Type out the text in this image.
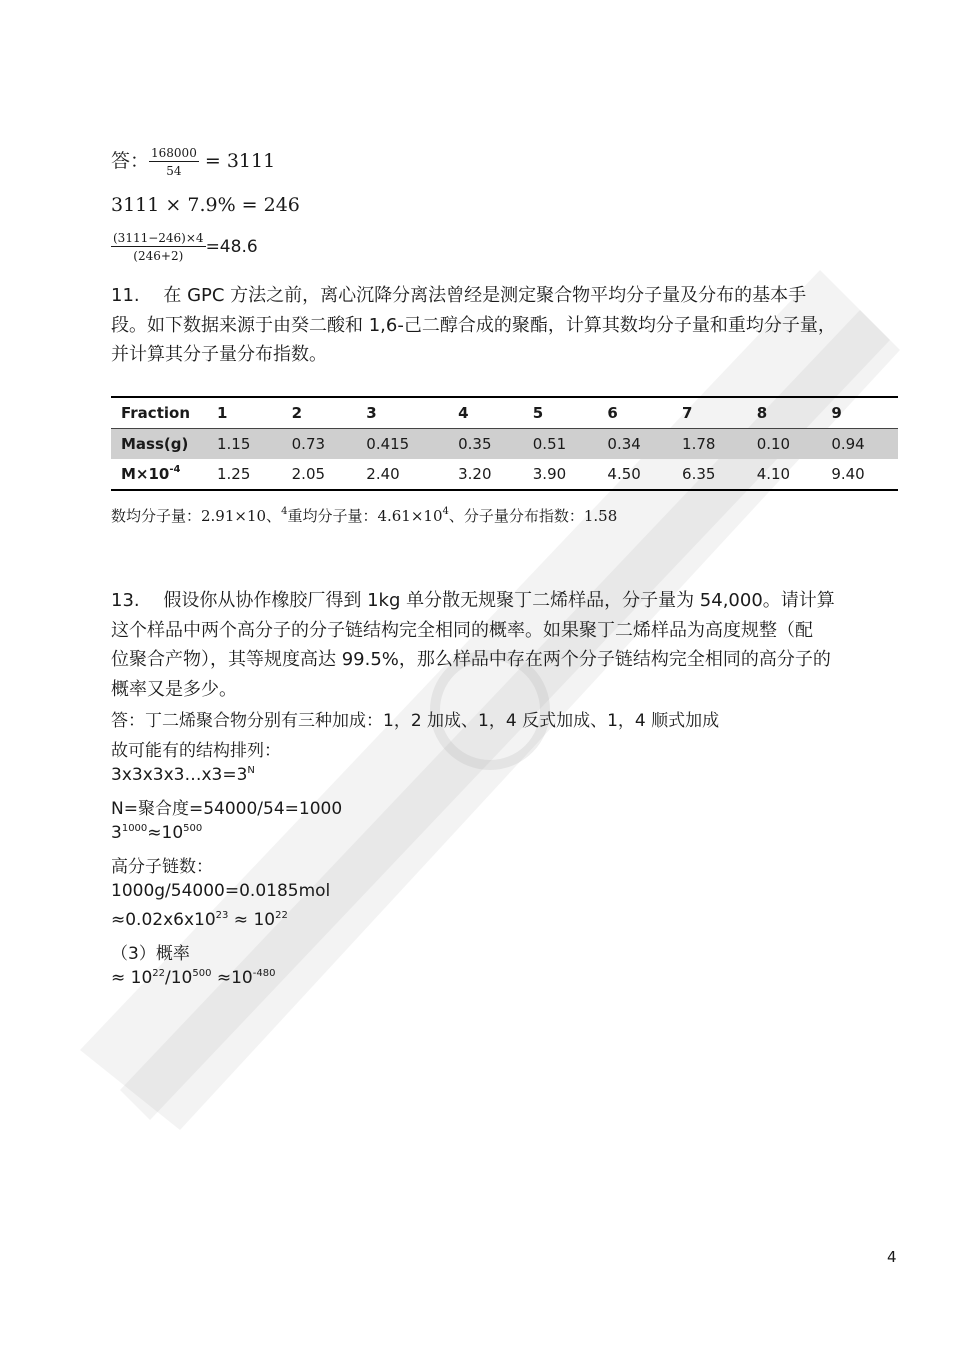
答： $\frac{168000}{54} = 3111$
3111 × 7.9% = 246
$\frac{(3111-246)\times 4}{(246+2)} =48.6$
11.　 在 GPC 方法之前，离心沉降分离法曾经是测定聚合物平均分子量及分布的基本手
段。如下数据来源于由癸二酸和 1,6-己二醇合成的聚酯，计算其数均分子量和重均分子量，
并计算其分子量分布指数。
Fraction	1	2	3	4	5	6	7	8	9
Mass(g)	1.15	0.73	0.415	0.35	0.51	0.34	1.78	0.10	0.94
$M\times 10^{-4}$	1.25	2.05	2.40	3.20	3.90	4.50	6.35	4.10	9.40
数均分子量：2.91×10、$^4$重均分子量：$4.61\times 10^4$、分子量分布指数：1.58
13.　 假设你从协作橡胶厂得到 1kg 单分散无规聚丁二烯样品，分子量为 54,000。请计算
这个样品中两个高分子的分子链结构完全相同的概率。如果聚丁二烯样品为高度规整（配
位聚合产物），其等规度高达 99.5%，那么样品中存在两个分子链结构完全相同的高分子的
概率又是多少。
答：丁二烯聚合物分别有三种加成：1，2 加成、1，4 反式加成、1，4 顺式加成
故可能有的结构排列：
$3x3x3x3\dots x3=3^N$
N=聚合度=54000/54=1000
$3^{1000}\approx 10^{500}$
高分子链数：
1000g/54000=0.0185mol
$\approx 0.02x6x10^{23} \approx 10^{22}$
（3）概率
≈ $10^{22}/10^{500} \approx 10^{-480}$
4
